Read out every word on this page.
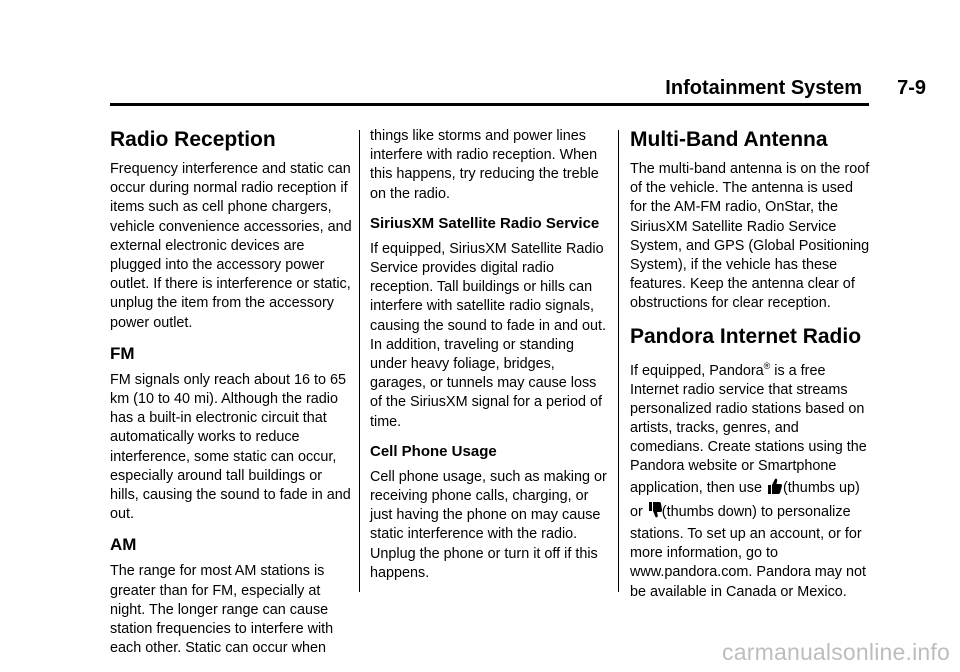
Infotainment System 7-9
Radio Reception

Frequency interference and static can occur during normal radio reception if items such as cell phone chargers, vehicle convenience accessories, and external electronic devices are plugged into the accessory power outlet. If there is interference or static, unplug the item from the accessory power outlet.

FM

FM signals only reach about 16 to 65 km (10 to 40 mi). Although the radio has a built-in electronic circuit that automatically works to reduce interference, some static can occur, especially around tall buildings or hills, causing the sound to fade in and out.

AM

The range for most AM stations is greater than for FM, especially at night. The longer range can cause station frequencies to interfere with each other. Static can occur when

things like storms and power lines interfere with radio reception. When this happens, try reducing the treble on the radio.

SiriusXM Satellite Radio Service

If equipped, SiriusXM Satellite Radio Service provides digital radio reception. Tall buildings or hills can interfere with satellite radio signals, causing the sound to fade in and out. In addition, traveling or standing under heavy foliage, bridges, garages, or tunnels may cause loss of the SiriusXM signal for a period of time.

Cell Phone Usage

Cell phone usage, such as making or receiving phone calls, charging, or just having the phone on may cause static interference with the radio. Unplug the phone or turn it off if this happens.

Multi-Band Antenna

The multi-band antenna is on the roof of the vehicle. The antenna is used for the AM-FM radio, OnStar, the SiriusXM Satellite Radio Service System, and GPS (Global Positioning System), if the vehicle has these features. Keep the antenna clear of obstructions for clear reception.

Pandora Internet Radio

If equipped, Pandora® is a free Internet radio service that streams personalized radio stations based on artists, tracks, genres, and comedians. Create stations using the Pandora website or Smartphone application, then use (thumbs up)
or (thumbs down) to personalize stations. To set up an account, or for more information, go to www.pandora.com. Pandora may not be available in Canada or Mexico.

carmanualsonline.info
